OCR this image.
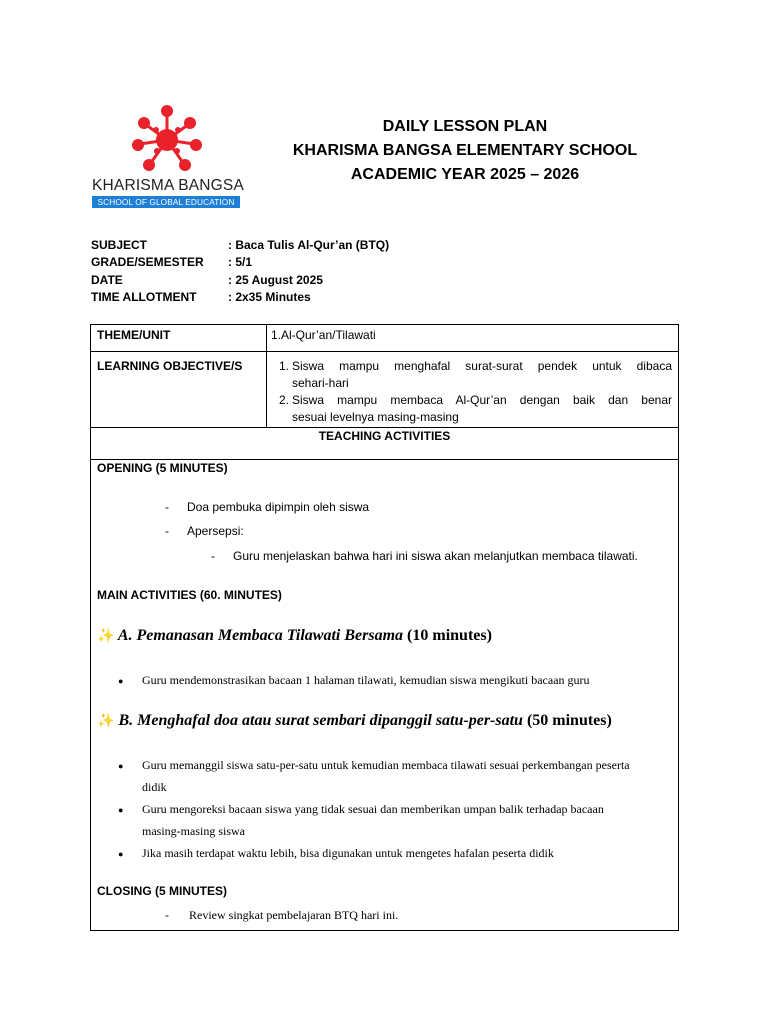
KHARISMA BANGSA
SCHOOL OF GLOBAL EDUCATION
DAILY LESSON PLAN
KHARISMA BANGSA ELEMENTARY SCHOOL
ACADEMIC YEAR 2025 – 2026
SUBJECT	: Baca Tulis Al-Qur’an (BTQ)
GRADE/SEMESTER : 5/1
DATE	: 25 August 2025
TIME ALLOTMENT	: 2x35 Minutes
THEME/UNIT	1.Al-Qur’an/Tilawati
LEARNING OBJECTIVE/S	1. Siswa mampu menghafal surat-surat pendek untuk dibaca
sehari-hari
2. Siswa mampu membaca Al-Qur’an dengan baik dan benar
sesuai levelnya masing-masing
TEACHING ACTIVITIES
OPENING (5 MINUTES)
- Doa pembuka dipimpin oleh siswa
- Apersepsi:
- Guru menjelaskan bahwa hari ini siswa akan melanjutkan membaca tilawati.
MAIN ACTIVITIES (60. MINUTES)
✨ A. Pemanasan Membaca Tilawati Bersama (10 minutes)
● Guru mendemonstrasikan bacaan 1 halaman tilawati, kemudian siswa mengikuti bacaan guru
✨ B. Menghafal doa atau surat sembari dipanggil satu-per-satu (50 minutes)
● Guru memanggil siswa satu-per-satu untuk kemudian membaca tilawati sesuai perkembangan peserta
didik
● Guru mengoreksi bacaan siswa yang tidak sesuai dan memberikan umpan balik terhadap bacaan
masing-masing siswa
● Jika masih terdapat waktu lebih, bisa digunakan untuk mengetes hafalan peserta didik
CLOSING (5 MINUTES)
- Review singkat pembelajaran BTQ hari ini.
